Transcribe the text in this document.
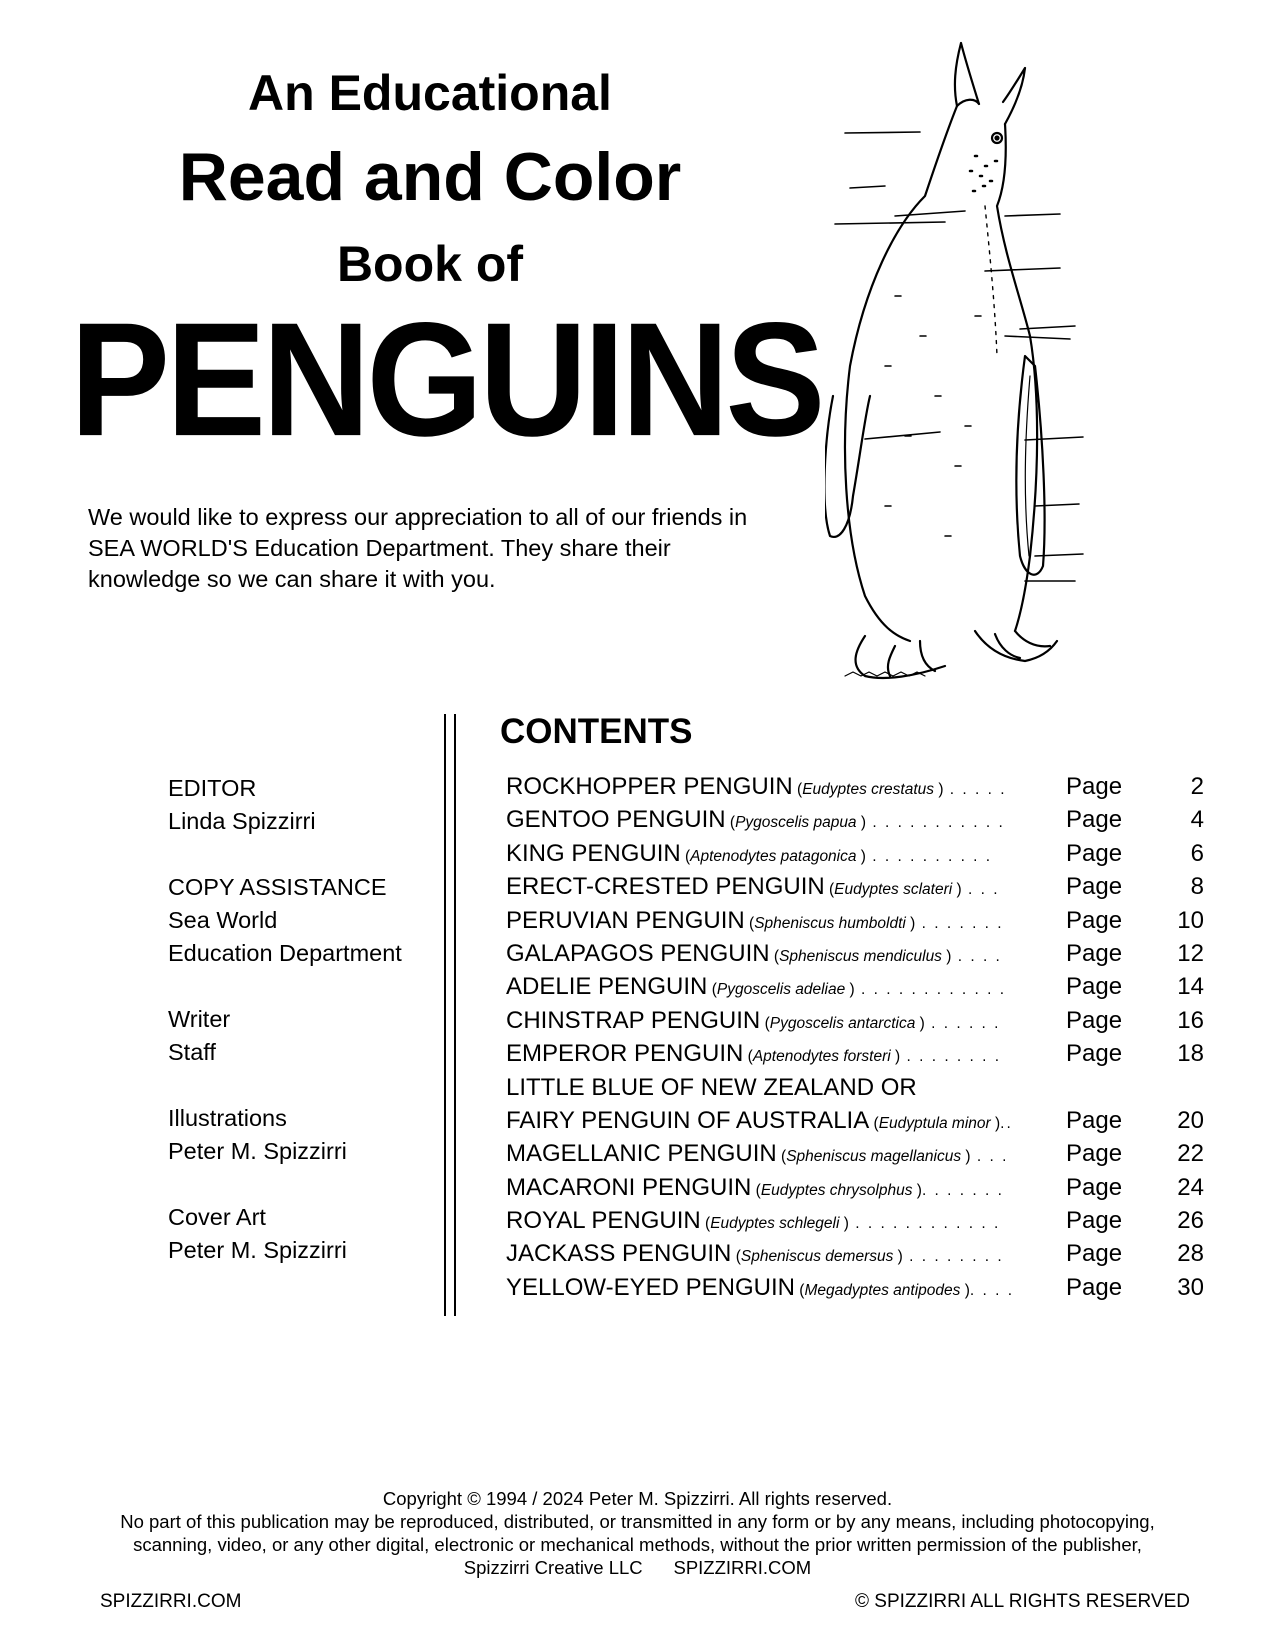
An Educational
Read and Color
Book of
PENGUINS
We would like to express our appreciation to all of our friends in SEA WORLD'S Education Department. They share their knowledge so we can share it with you.
EDITOR
Linda Spizzirri
COPY ASSISTANCE
Sea World
Education Department
Writer
Staff
Illustrations
Peter M. Spizzirri
Cover Art
Peter M. Spizzirri
CONTENTS
ROCKHOPPER PENGUIN (Eudyptes crestatus ) . . . . . Page	2
GENTOO PENGUIN (Pygoscelis papua ) . . . . . . . . . . .	Page	4
KING PENGUIN (Aptenodytes patagonica ) . . . . . . . . . .	Page	6
ERECT-CRESTED PENGUIN (Eudyptes sclateri ) . . .	Page	8
PERUVIAN PENGUIN (Spheniscus humboldti ) . . . . . . .	Page	10
GALAPAGOS PENGUIN (Spheniscus mendiculus ) . . . .	Page	12
ADELIE PENGUIN (Pygoscelis adeliae ) . . . . . . . . . . . . Page	14
CHINSTRAP PENGUIN (Pygoscelis antarctica ) . . . . . .	Page	16
EMPEROR PENGUIN (Aptenodytes forsteri ) . . . . . . . .	Page	18
LITTLE BLUE OF NEW ZEALAND OR
FAIRY PENGUIN OF AUSTRALIA (Eudyptula minor ).. Page	20
MAGELLANIC PENGUIN (Spheniscus magellanicus ) . . . Page	22
MACARONI PENGUIN (Eudyptes chrysolphus ). . . . . . .	Page	24
ROYAL PENGUIN (Eudyptes schlegeli ) . . . . . . . . . . . .	Page	26
JACKASS PENGUIN (Spheniscus demersus ) . . . . . . . .	Page	28
YELLOW-EYED PENGUIN (Megadyptes antipodes ). . . . Page	30
Copyright © 1994 / 2024 Peter M. Spizzirri. All rights reserved.
No part of this publication may be reproduced, distributed, or transmitted in any form or by any means, including photocopying,
scanning, video, or any other digital, electronic or mechanical methods, without the prior written permission of the publisher,
Spizzirri Creative LLC      SPIZZIRRI.COM
SPIZZIRRI.COM	© SPIZZIRRI ALL RIGHTS RESERVED
